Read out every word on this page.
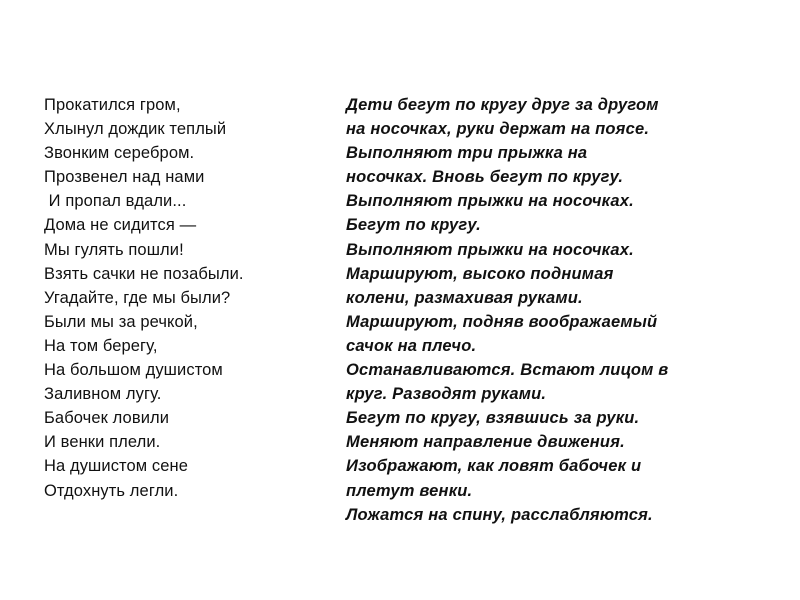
Прокатился гром,
Хлынул дождик теплый
Звонким серебром.
Прозвенел над нами
И пропал вдали...
Дома не сидится —
Мы гулять пошли!
Взять сачки не позабыли.
Угадайте, где мы были?
Были мы за речкой,
На том берегу,
На большом душистом
Заливном лугу.
Бабочек ловили
И венки плели.
На душистом сене
Отдохнуть легли.
Дети бегут по кругу друг за другом
на носочках, руки держат на поясе.
Выполняют три прыжка на
носочках. Вновь бегут по кругу.
Выполняют прыжки на носочках.
Бегут по кругу.
Выполняют прыжки на носочках.
Маршируют, высоко поднимая
колени, размахивая руками.
Маршируют, подняв воображаемый
сачок на плечо.
Останавливаются. Встают лицом в
круг. Разводят руками.
Бегут по кругу, взявшись за руки.
Меняют направление движения.
Изображают, как ловят бабочек и
плетут венки.
Ложатся на спину, расслабляются.
